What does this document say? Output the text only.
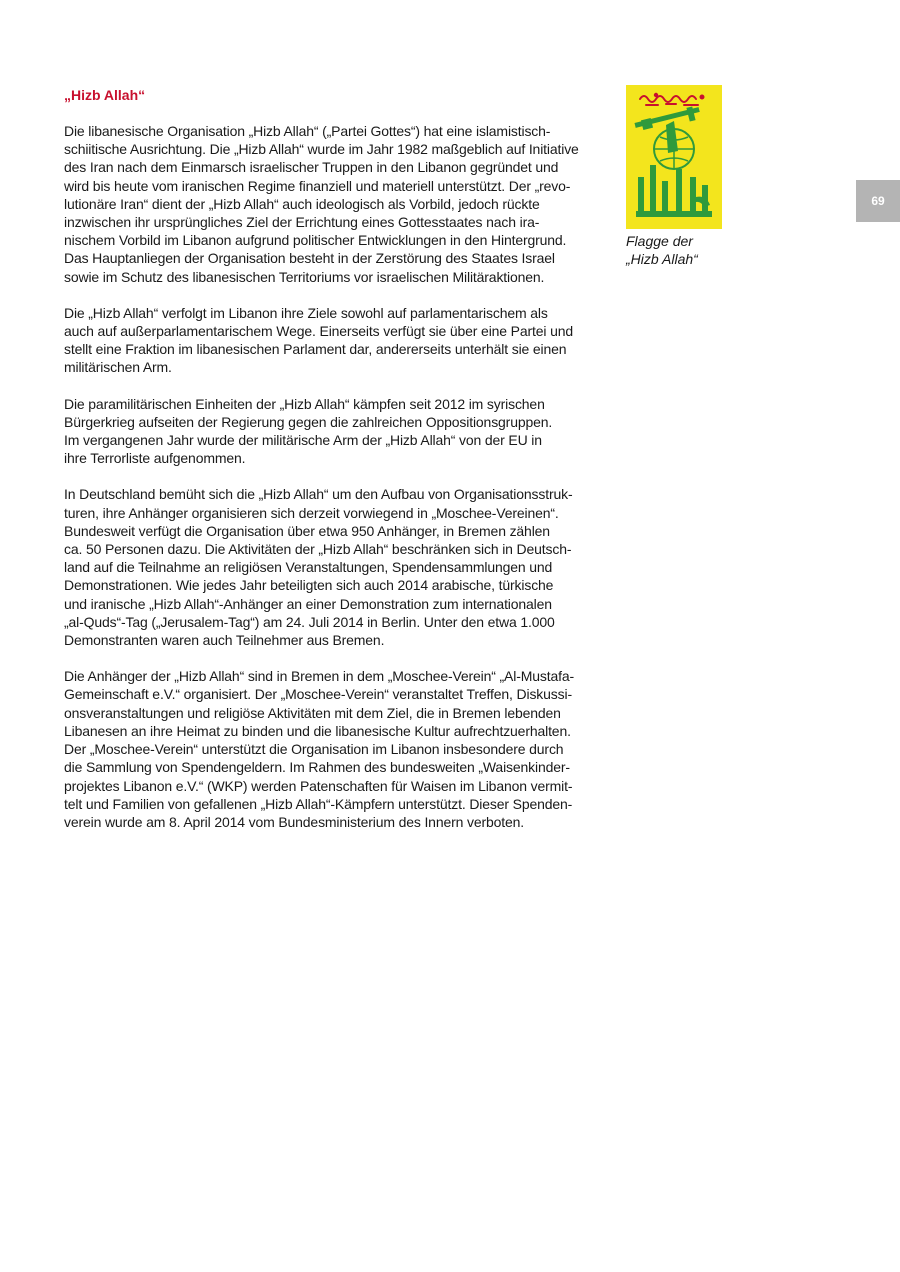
„Hizb Allah“
Die libanesische Organisation „Hizb Allah“ („Partei Gottes“) hat eine islamistisch-
schiitische Ausrichtung. Die „Hizb Allah“ wurde im Jahr 1982 maßgeblich auf Initiative
des Iran nach dem Einmarsch israelischer Truppen in den Libanon gegründet und
wird bis heute vom iranischen Regime finanziell und materiell unterstützt. Der „revo-
lutionäre Iran“ dient der „Hizb Allah“ auch ideologisch als Vorbild, jedoch rückte
inzwischen ihr ursprüngliches Ziel der Errichtung eines Gottesstaates nach ira-
nischem Vorbild im Libanon aufgrund politischer Entwicklungen in den Hintergrund.
Das Hauptanliegen der Organisation besteht in der Zerstörung des Staates Israel
sowie im Schutz des libanesischen Territoriums vor israelischen Militäraktionen.
Die „Hizb Allah“ verfolgt im Libanon ihre Ziele sowohl auf parlamentarischem als
auch auf außerparlamentarischem Wege. Einerseits verfügt sie über eine Partei und
stellt eine Fraktion im libanesischen Parlament dar, andererseits unterhält sie einen
militärischen Arm.
Die paramilitärischen Einheiten der „Hizb Allah“ kämpfen seit 2012 im syrischen
Bürgerkrieg aufseiten der Regierung gegen die zahlreichen Oppositionsgruppen.
Im vergangenen Jahr wurde der militärische Arm der „Hizb Allah“ von der EU in
ihre Terrorliste aufgenommen.
In Deutschland bemüht sich die „Hizb Allah“ um den Aufbau von Organisationsstruk-
turen, ihre Anhänger organisieren sich derzeit vorwiegend in „Moschee-Vereinen“.
Bundesweit verfügt die Organisation über etwa 950 Anhänger, in Bremen zählen
ca. 50 Personen dazu. Die Aktivitäten der „Hizb Allah“ beschränken sich in Deutsch-
land auf die Teilnahme an religiösen Veranstaltungen, Spendensammlungen und
Demonstrationen. Wie jedes Jahr beteiligten sich auch 2014 arabische, türkische
und iranische „Hizb Allah“-Anhänger an einer Demonstration zum internationalen
„al-Quds“-Tag („Jerusalem-Tag“) am 24. Juli 2014 in Berlin. Unter den etwa 1.000
Demonstranten waren auch Teilnehmer aus Bremen.
Die Anhänger der „Hizb Allah“ sind in Bremen in dem „Moschee-Verein“ „Al-Mustafa-
Gemeinschaft e.V.“ organisiert. Der „Moschee-Verein“ veranstaltet Treffen, Diskussi-
onsveranstaltungen und religiöse Aktivitäten mit dem Ziel, die in Bremen lebenden
Libanesen an ihre Heimat zu binden und die libanesische Kultur aufrechtzuerhalten.
Der „Moschee-Verein“ unterstützt die Organisation im Libanon insbesondere durch
die Sammlung von Spendengeldern. Im Rahmen des bundesweiten „Waisenkinder-
projektes Libanon e.V.“ (WKP) werden Patenschaften für Waisen im Libanon vermit-
telt und Familien von gefallenen „Hizb Allah“-Kämpfern unterstützt. Dieser Spenden-
verein wurde am 8. April 2014 vom Bundesministerium des Innern verboten.
Flagge der
„Hizb Allah“
69
